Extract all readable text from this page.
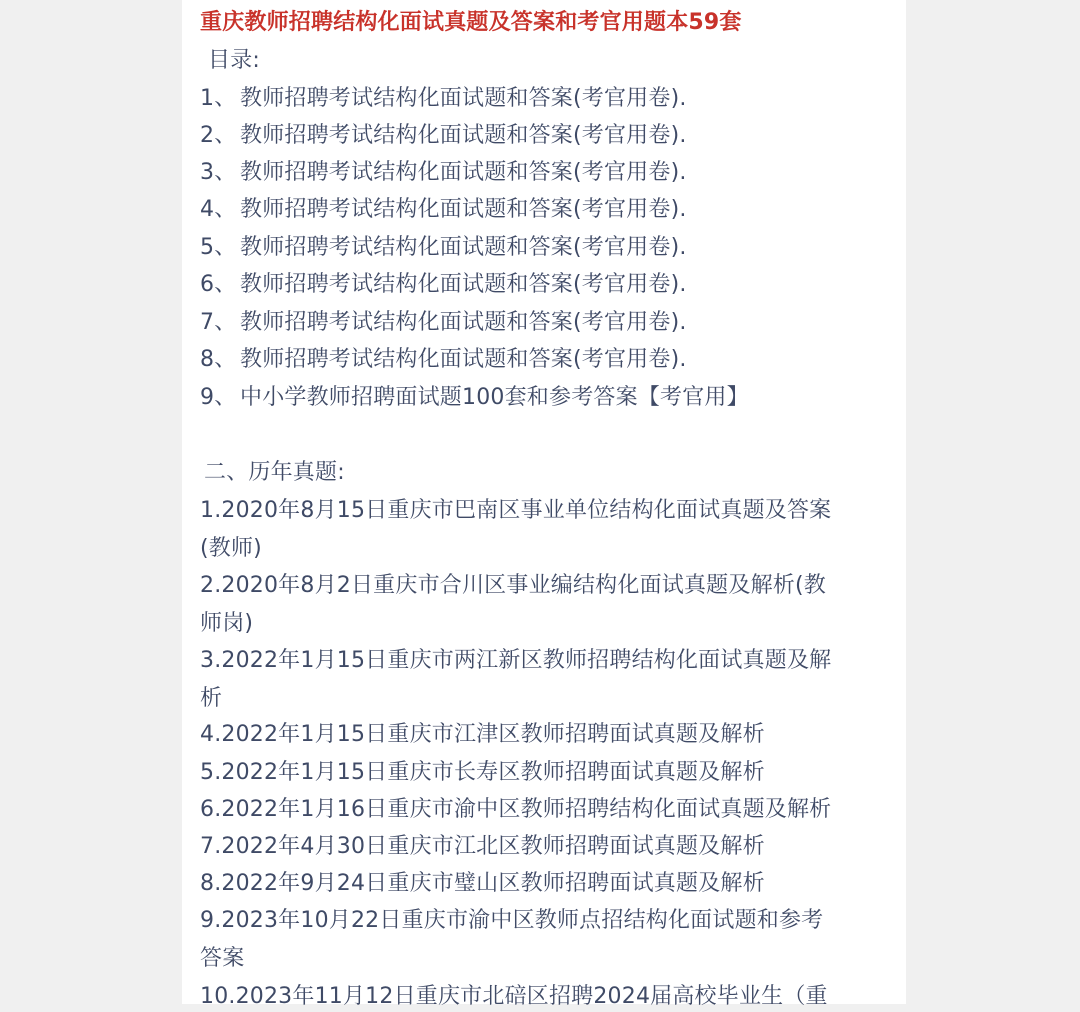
重庆教师招聘结构化面试真题及答案和考官用题本59套
目录:
1、 教师招聘考试结构化面试题和答案(考官用卷).
2、 教师招聘考试结构化面试题和答案(考官用卷).
3、 教师招聘考试结构化面试题和答案(考官用卷).
4、 教师招聘考试结构化面试题和答案(考官用卷).
5、 教师招聘考试结构化面试题和答案(考官用卷).
6、 教师招聘考试结构化面试题和答案(考官用卷).
7、 教师招聘考试结构化面试题和答案(考官用卷).
8、 教师招聘考试结构化面试题和答案(考官用卷).
9、 中小学教师招聘面试题100套和参考答案【考官用】
二、历年真题:
1.2020年8月15日重庆市巴南区事业单位结构化面试真题及答案
(教师)
2.2020年8月2日重庆市合川区事业编结构化面试真题及解析(教
师岗)
3.2022年1月15日重庆市两江新区教师招聘结构化面试真题及解
析
4.2022年1月15日重庆市江津区教师招聘面试真题及解析
5.2022年1月15日重庆市长寿区教师招聘面试真题及解析
6.2022年1月16日重庆市渝中区教师招聘结构化面试真题及解析
7.2022年4月30日重庆市江北区教师招聘面试真题及解析
8.2022年9月24日重庆市璧山区教师招聘面试真题及解析
9.2023年10月22日重庆市渝中区教师点招结构化面试题和参考
答案
10.2023年11月12日重庆市北碚区招聘2024届高校毕业生（重
